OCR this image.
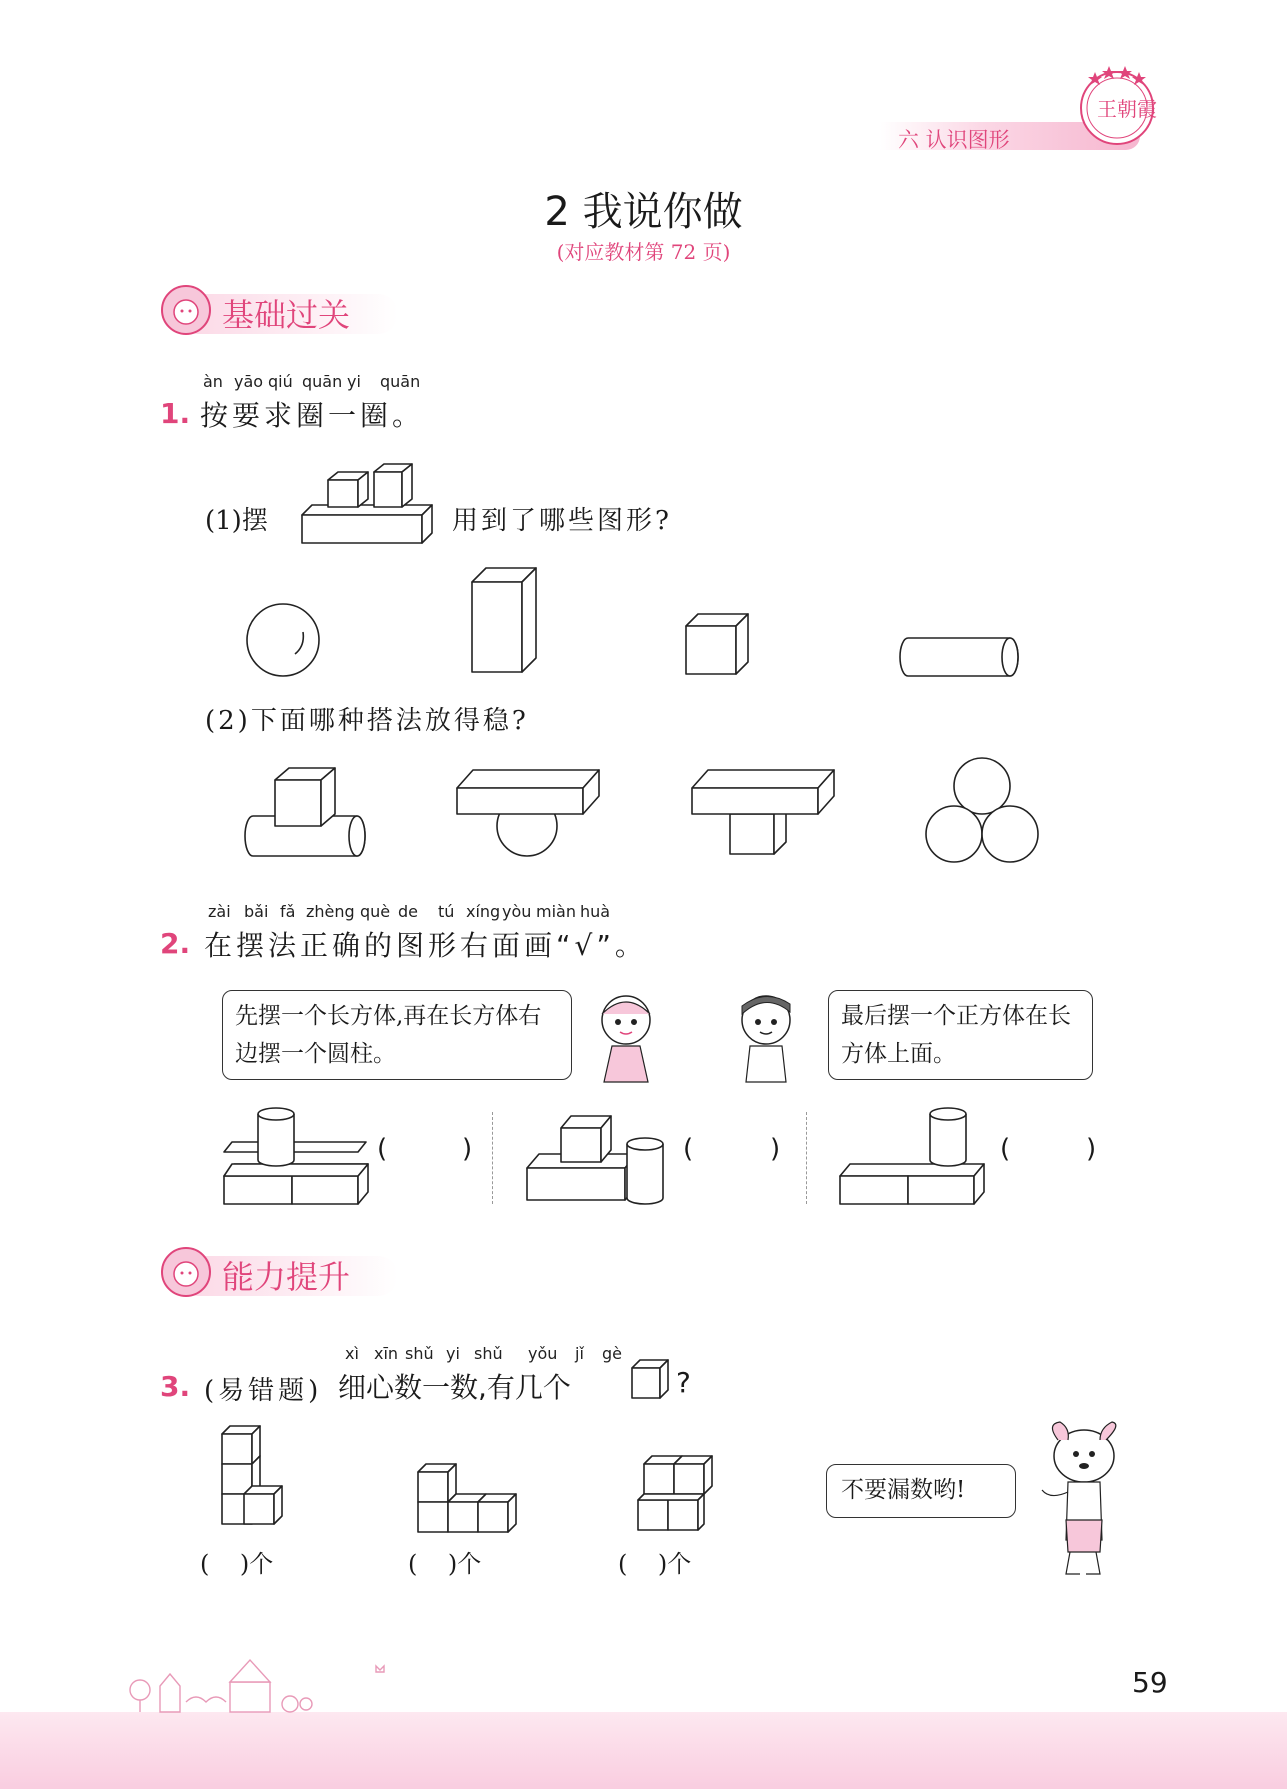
六 认识图形
王朝霞
2 我说你做
(对应教材第 72 页)
基础过关
àn yāo qiú quān yi quān
1. 按要求圈一圈。
(1)摆	用到了哪些图形?
(2)下面哪种搭法放得稳?
zài bǎi fǎ zhèng què de tú xíng yòu miàn huà
2. 在摆法正确的图形右面画“√”。
先摆一个长方体,再在长方体右边摆一个圆柱。
最后摆一个正方体在长方体上面。
(	)	(	)	(	)
能力提升
xì xīn shǔ yi shǔ yǒu jǐ gè
3. (易错题) 细心数一数,有几个	?
(    )个	(    )个	(    )个
不要漏数哟!
59
